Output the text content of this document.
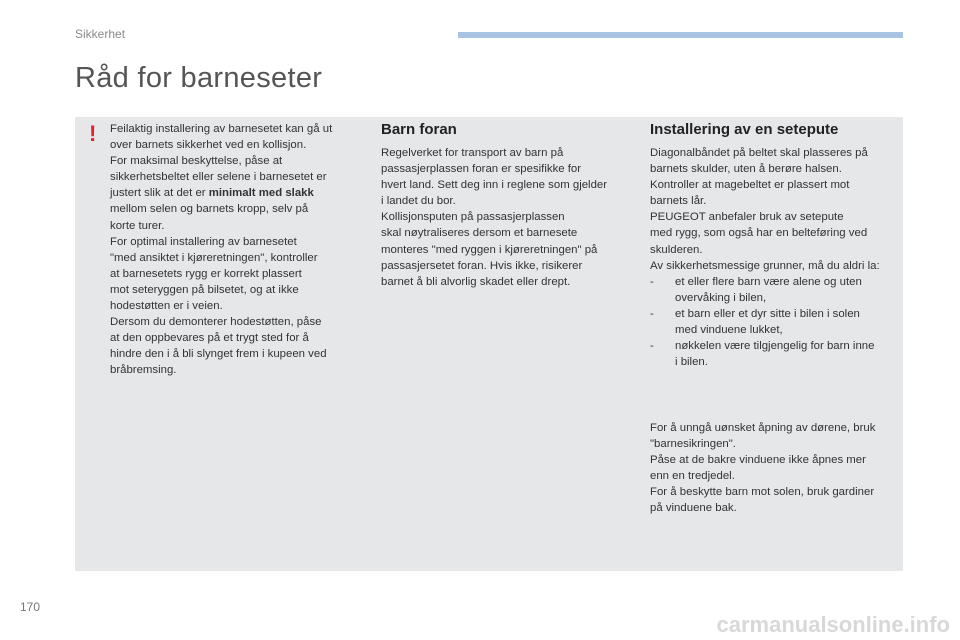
Sikkerhet
Råd for barneseter
! Feilaktig installering av barnesetet kan gå ut
over barnets sikkerhet ved en kollisjon.
For maksimal beskyttelse, påse at
sikkerhetsbeltet eller selene i barnesetet er
justert slik at det er minimalt med slakk
mellom selen og barnets kropp, selv på
korte turer.
For optimal installering av barnesetet
"med ansiktet i kjøreretningen", kontroller
at barnesetets rygg er korrekt plassert
mot seteryggen på bilsetet, og at ikke
hodestøtten er i veien.
Dersom du demonterer hodestøtten, påse
at den oppbevares på et trygt sted for å
hindre den i å bli slynget frem i kupeen ved
bråbremsing.
Barn foran
Regelverket for transport av barn på
passasjerplassen foran er spesifikke for
hvert land. Sett deg inn i reglene som gjelder
i landet du bor.
Kollisjonsputen på passasjerplassen
skal nøytraliseres dersom et barnesete
monteres "med ryggen i kjøreretningen" på
passasjersetet foran. Hvis ikke, risikerer
barnet å bli alvorlig skadet eller drept.
Installering av en setepute
Diagonalbåndet på beltet skal plasseres på
barnets skulder, uten å berøre halsen.
Kontroller at magebeltet er plassert mot
barnets lår.
PEUGEOT anbefaler bruk av setepute
med rygg, som også har en belteføring ved
skulderen.
Av sikkerhetsmessige grunner, må du aldri la:
- et eller flere barn være alene og uten
overvåking i bilen,
- et barn eller et dyr sitte i bilen i solen
med vinduene lukket,
- nøkkelen være tilgjengelig for barn inne
i bilen.
For å unngå uønsket åpning av dørene, bruk
"barnesikringen".
Påse at de bakre vinduene ikke åpnes mer
enn en tredjedel.
For å beskytte barn mot solen, bruk gardiner
på vinduene bak.
170
carmanualsonline.info
